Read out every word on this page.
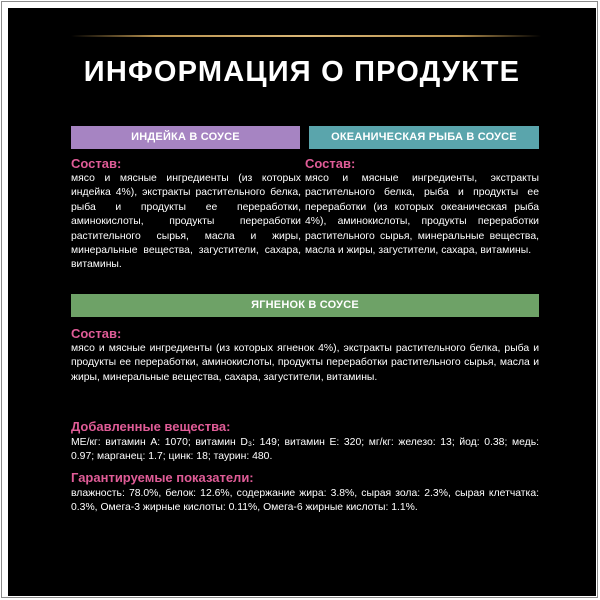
ИНФОРМАЦИЯ О ПРОДУКТЕ
ИНДЕЙКА В СОУСЕ
Состав:
мясо и мясные ингредиенты (из которых индейка 4%), экстракты растительного белка, рыба и продукты ее переработки, аминокислоты, продукты переработки растительного сырья, масла и жиры, минеральные вещества, загустители, сахара, витамины.
ОКЕАНИЧЕСКАЯ РЫБА В СОУСЕ
Состав:
мясо и мясные ингредиенты, экстракты растительного белка, рыба и продукты ее переработки (из которых океаническая рыба 4%), аминокислоты, продукты переработки растительного сырья, минеральные вещества, масла и жиры, загустители, сахара, витамины.
ЯГНЕНОК В СОУСЕ
Состав:
мясо и мясные ингредиенты (из которых ягненок 4%), экстракты растительного белка, рыба и продукты ее переработки, аминокислоты, продукты переработки растительного сырья, масла и жиры, минеральные вещества, сахара, загустители, витамины.
Добавленные вещества:
МЕ/кг: витамин А: 1070; витамин D₃: 149; витамин Е: 320; мг/кг: железо: 13; йод: 0.38; медь: 0.97; марганец: 1.7; цинк: 18; таурин: 480.
Гарантируемые показатели:
влажность: 78.0%, белок: 12.6%, содержание жира: 3.8%, сырая зола: 2.3%, сырая клетчатка: 0.3%, Омега-3 жирные кислоты: 0.11%, Омега-6 жирные кислоты: 1.1%.
